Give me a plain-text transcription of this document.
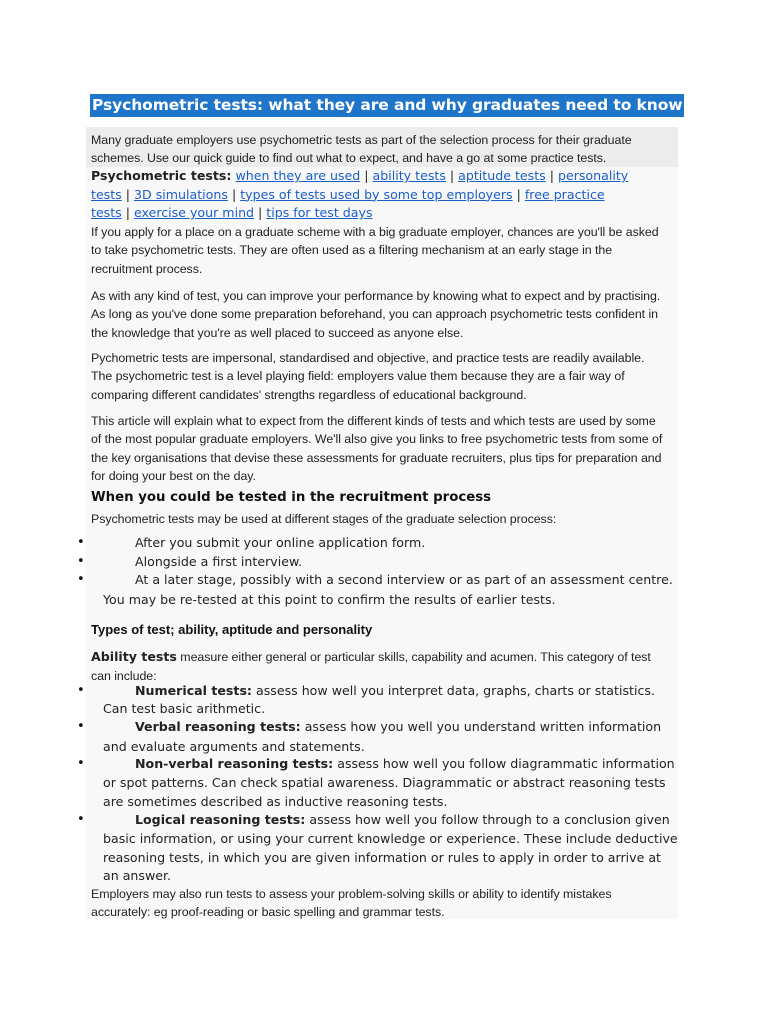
Psychometric tests: what they are and why graduates need to know
Many graduate employers use psychometric tests as part of the selection process for their graduate
schemes. Use our quick guide to find out what to expect, and have a go at some practice tests.
Psychometric tests: when they are used | ability tests | aptitude tests | personality
tests | 3D simulations | types of tests used by some top employers | free practice
tests | exercise your mind | tips for test days
If you apply for a place on a graduate scheme with a big graduate employer, chances are you'll be asked
to take psychometric tests. They are often used as a filtering mechanism at an early stage in the
recruitment process.
As with any kind of test, you can improve your performance by knowing what to expect and by practising.
As long as you've done some preparation beforehand, you can approach psychometric tests confident in
the knowledge that you're as well placed to succeed as anyone else.
Pychometric tests are impersonal, standardised and objective, and practice tests are readily available.
The psychometric test is a level playing field: employers value them because they are a fair way of
comparing different candidates' strengths regardless of educational background.
This article will explain what to expect from the different kinds of tests and which tests are used by some
of the most popular graduate employers. We'll also give you links to free psychometric tests from some of
the key organisations that devise these assessments for graduate recruiters, plus tips for preparation and
for doing your best on the day.
When you could be tested in the recruitment process
Psychometric tests may be used at different stages of the graduate selection process:
•	After you submit your online application form.
•	Alongside a first interview.
•	At a later stage, possibly with a second interview or as part of an assessment centre.
You may be re-tested at this point to confirm the results of earlier tests.
Types of test; ability, aptitude and personality
Ability tests measure either general or particular skills, capability and acumen. This category of test
can include:
•	Numerical tests: assess how well you interpret data, graphs, charts or statistics.
Can test basic arithmetic.
•	Verbal reasoning tests: assess how you well you understand written information
and evaluate arguments and statements.
•	Non-verbal reasoning tests: assess how well you follow diagrammatic information
or spot patterns. Can check spatial awareness. Diagrammatic or abstract reasoning tests
are sometimes described as inductive reasoning tests.
•	Logical reasoning tests: assess how well you follow through to a conclusion given
basic information, or using your current knowledge or experience. These include deductive
reasoning tests, in which you are given information or rules to apply in order to arrive at
an answer.
Employers may also run tests to assess your problem-solving skills or ability to identify mistakes
accurately: eg proof-reading or basic spelling and grammar tests.
